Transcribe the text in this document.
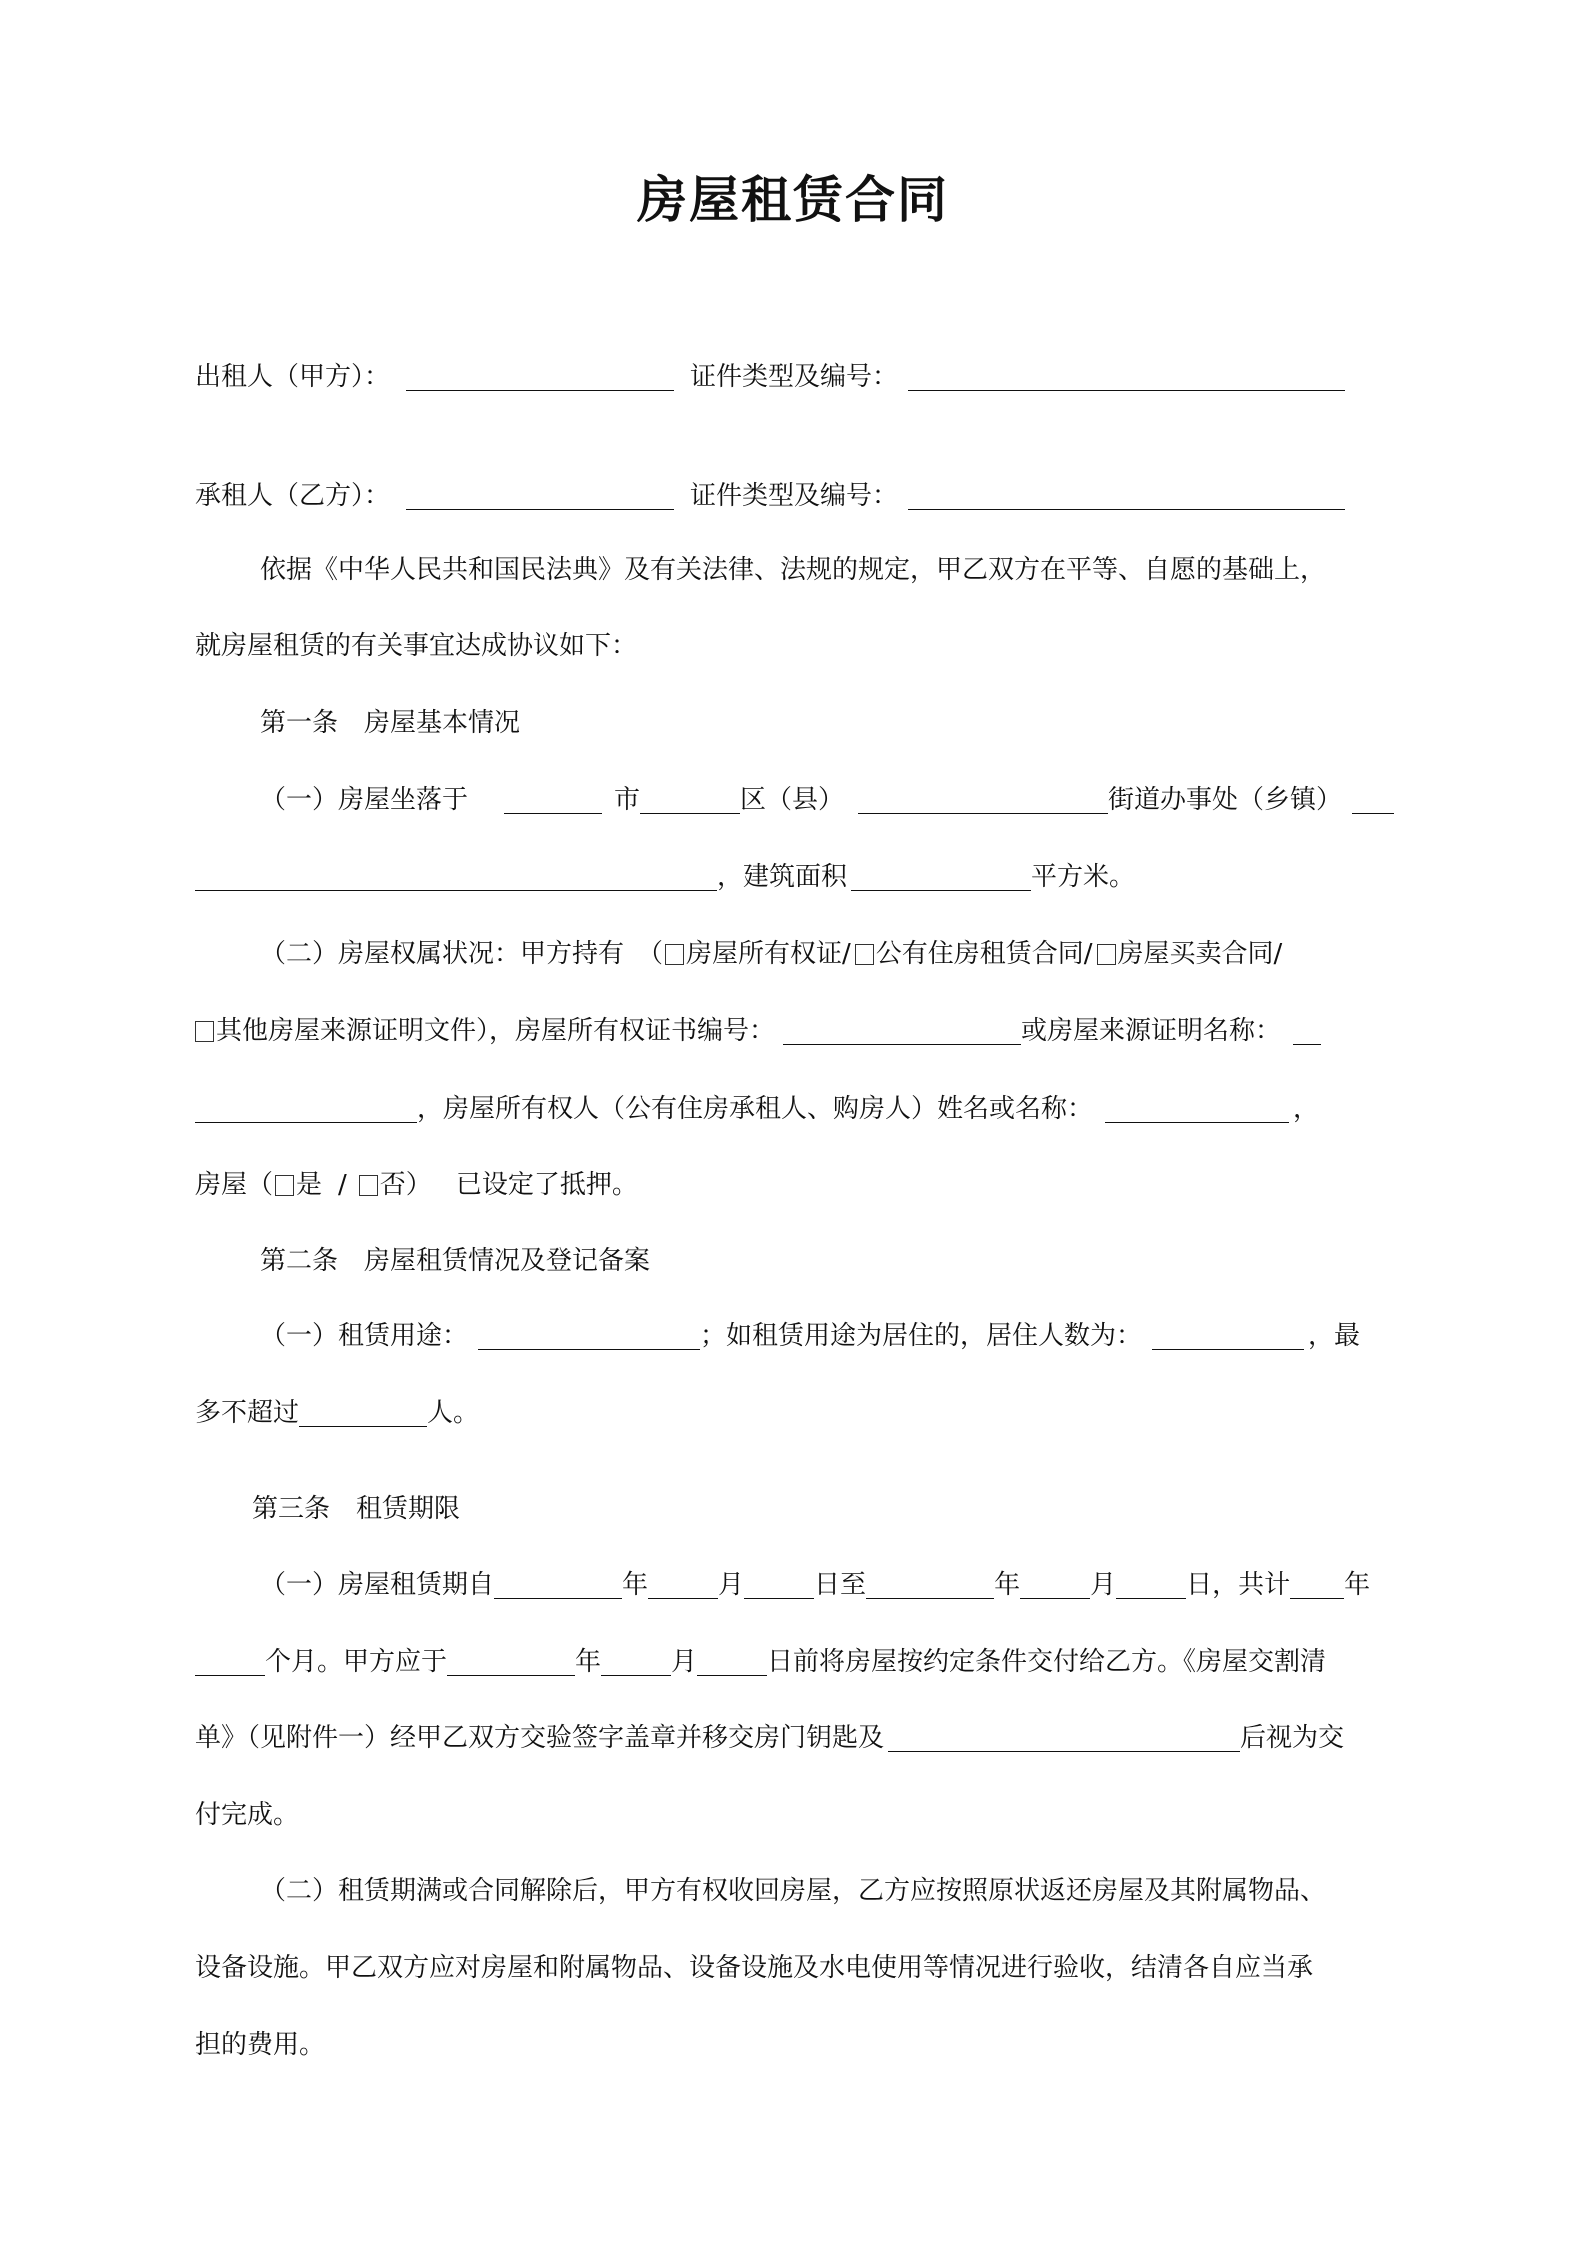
房屋租赁合同
出租人（甲方）：	证件类型及编号：
承租人（乙方）：	证件类型及编号：
依据《中华人民共和国民法典》及有关法律、法规的规定，甲乙双方在平等、自愿的基础上，
就房屋租赁的有关事宜达成协议如下：
第一条　房屋基本情况
（一）房屋坐落于	市	区（县）	街道办事处（乡镇）
，建筑面积	平方米。
（二）房屋权属状况：甲方持有　（ 房屋所有权证/ 公有住房租赁合同/ 房屋买卖合同/
其他房屋来源证明文件），房屋所有权证书编号：	或房屋来源证明名称：
，房屋所有权人（公有住房承租人、购房人）姓名或名称：	，
房屋（ 是 / 否） 已设定了抵押。
第二条　房屋租赁情况及登记备案
（一）租赁用途：	；如租赁用途为居住的，居住人数为：	，最
多不超过	人。
第三条　租赁期限
（一）房屋租赁期自	年	月	日至	年	月	日，共计 年
个月。甲方应于	年	月	日前将房屋按约定条件交付给乙方。《房屋交割清
单》（见附件一）经甲乙双方交验签字盖章并移交房门钥匙及	后视为交
付完成。
（二）租赁期满或合同解除后，甲方有权收回房屋，乙方应按照原状返还房屋及其附属物品、
设备设施。甲乙双方应对房屋和附属物品、设备设施及水电使用等情况进行验收，结清各自应当承
担的费用。
